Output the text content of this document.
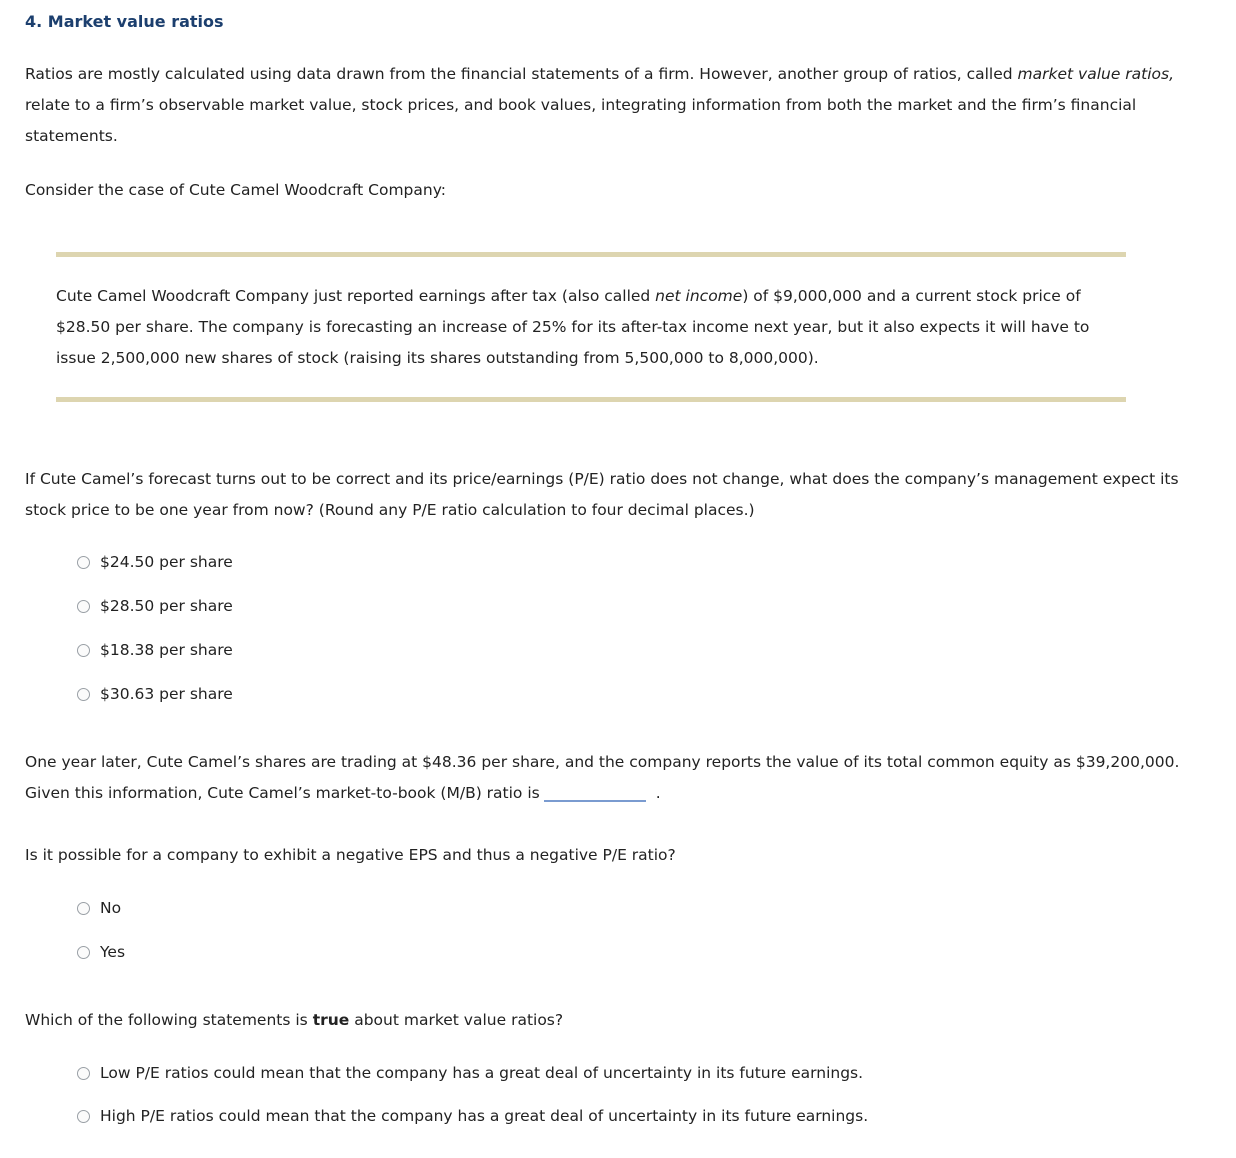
4. Market value ratios

Ratios are mostly calculated using data drawn from the financial statements of a firm. However, another group of ratios, called market value ratios, relate to a firm’s observable market value, stock prices, and book values, integrating information from both the market and the firm’s financial statements.

Consider the case of Cute Camel Woodcraft Company:

Cute Camel Woodcraft Company just reported earnings after tax (also called net income) of $9,000,000 and a current stock price of $28.50 per share. The company is forecasting an increase of 25% for its after-tax income next year, but it also expects it will have to issue 2,500,000 new shares of stock (raising its shares outstanding from 5,500,000 to 8,000,000).

If Cute Camel’s forecast turns out to be correct and its price/earnings (P/E) ratio does not change, what does the company’s management expect its stock price to be one year from now? (Round any P/E ratio calculation to four decimal places.)

$24.50 per share
$28.50 per share
$18.38 per share
$30.63 per share

One year later, Cute Camel’s shares are trading at $48.36 per share, and the company reports the value of its total common equity as $39,200,000.
Given this information, Cute Camel’s market-to-book (M/B) ratio is	.

Is it possible for a company to exhibit a negative EPS and thus a negative P/E ratio?

No
Yes

Which of the following statements is true about market value ratios?

Low P/E ratios could mean that the company has a great deal of uncertainty in its future earnings.
High P/E ratios could mean that the company has a great deal of uncertainty in its future earnings.
